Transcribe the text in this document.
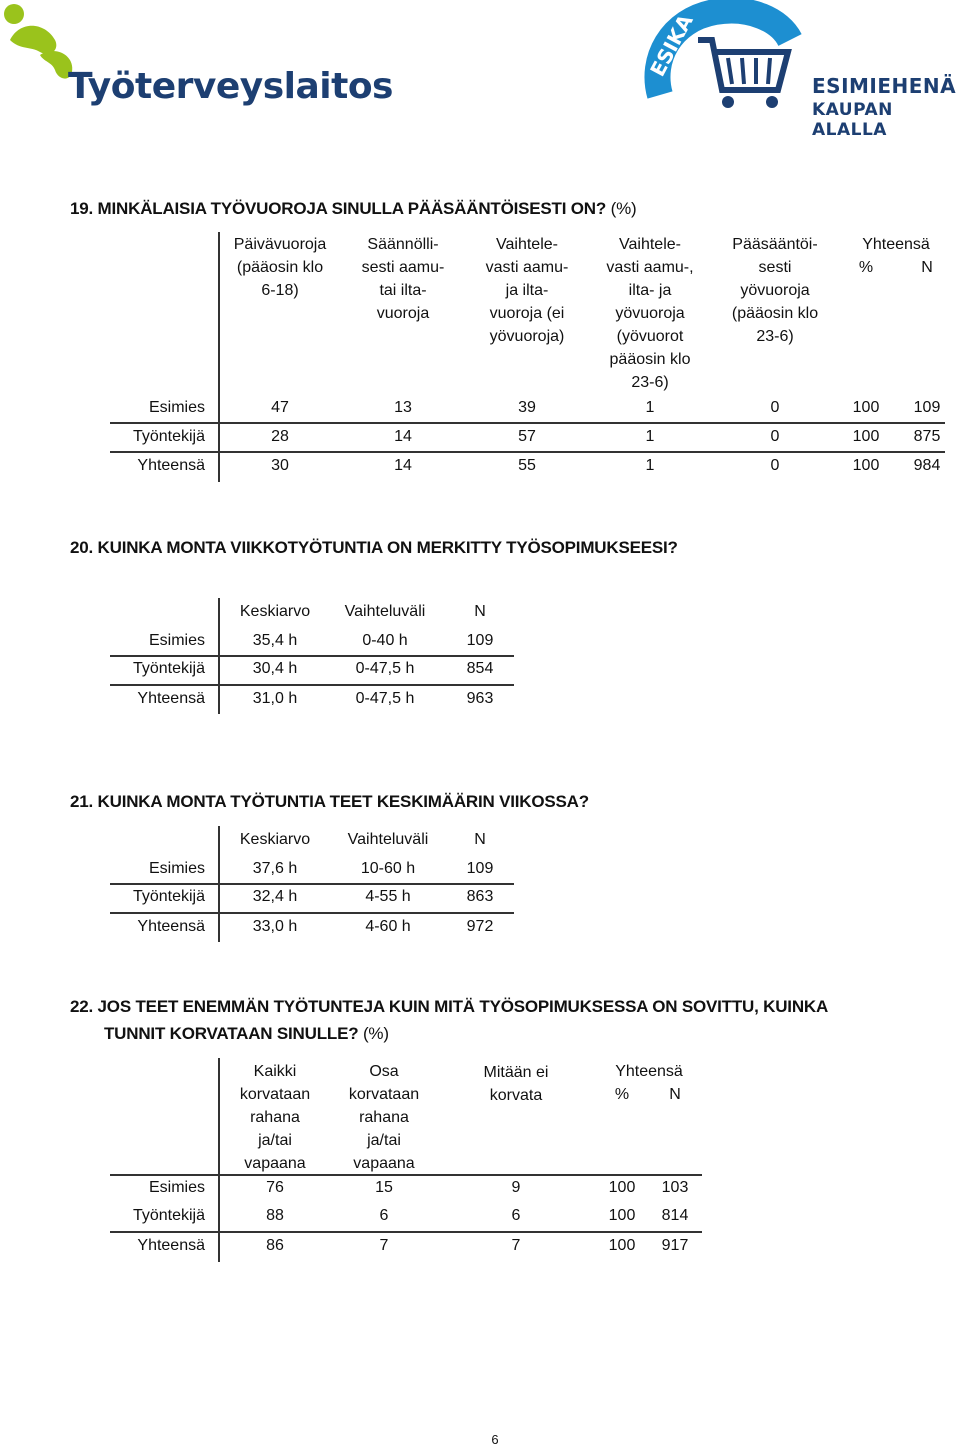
Työterveyslaitos
ESIKA
ESIMIEHENÄ
KAUPAN ALALLA
19. MINKÄLAISIA TYÖVUOROJA SINULLA PÄÄSÄÄNTÖISESTI ON? (%)
Päivävuoroja
(pääosin klo
6-18)
Säännölli-
sesti aamu-
tai ilta-
vuoroja
Vaihtele-
vasti aamu-
ja ilta-
vuoroja (ei
yövuoroja)
Vaihtele-
vasti aamu-,
ilta- ja
yövuoroja
(yövuorot
pääosin klo
23-6)
Pääsääntöi-
sesti
yövuoroja
(pääosin klo
23-6)
Yhteensä
%	N
Esimies	47	13	39	1	0	100	109
Työntekijä	28	14	57	1	0	100	875
Yhteensä	30	14	55	1	0	100	984
20. KUINKA MONTA VIIKKOTYÖTUNTIA ON MERKITTY TYÖSOPIMUKSEESI?
Keskiarvo	Vaihteluväli	N
Esimies	35,4 h	0-40 h	109
Työntekijä	30,4 h	0-47,5 h	854
Yhteensä	31,0 h	0-47,5 h	963
21. KUINKA MONTA TYÖTUNTIA TEET KESKIMÄÄRIN VIIKOSSA?
Keskiarvo	Vaihteluväli	N
Esimies	37,6 h	10-60 h	109
Työntekijä	32,4 h	4-55 h	863
Yhteensä	33,0 h	4-60 h	972
22. JOS TEET ENEMMÄN TYÖTUNTEJA KUIN MITÄ TYÖSOPIMUKSESSA ON SOVITTU, KUINKA
TUNNIT KORVATAAN SINULLE? (%)
Kaikki
korvataan
rahana
ja/tai
vapaana
Osa
korvataan
rahana
ja/tai
vapaana
Mitään ei
korvata
Yhteensä
%	N
Esimies	76	15	9	100	103
Työntekijä	88	6	6	100	814
Yhteensä	86	7	7	100	917
6
